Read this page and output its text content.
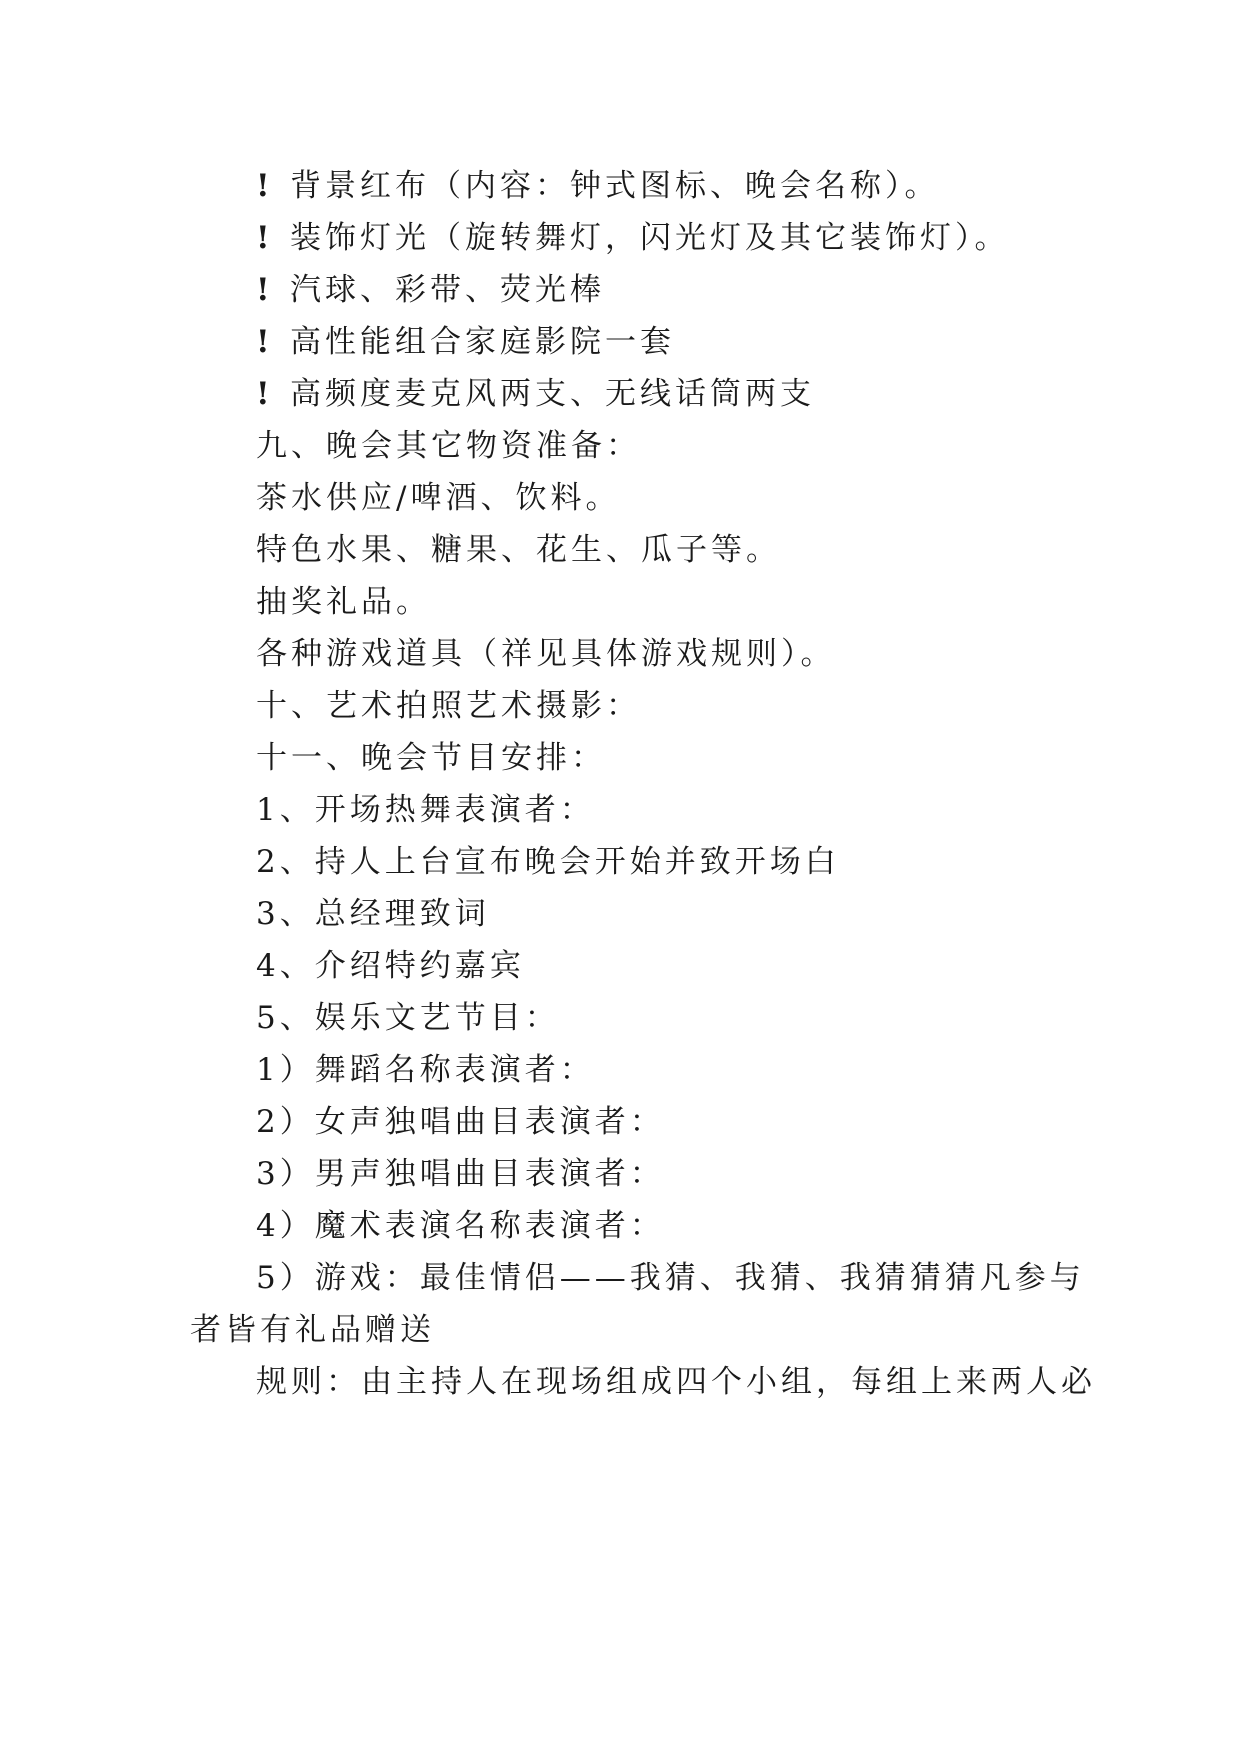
! 背景红布（内容：钟式图标、晚会名称）。
! 装饰灯光（旋转舞灯，闪光灯及其它装饰灯）。
! 汽球、彩带、荧光棒
! 高性能组合家庭影院一套
! 高频度麦克风两支、无线话筒两支
九、晚会其它物资准备：
茶水供应/啤酒、饮料。
特色水果、糖果、花生、瓜子等。
抽奖礼品。
各种游戏道具（祥见具体游戏规则）。
十、艺术拍照艺术摄影：
十一、晚会节目安排：
1、开场热舞表演者：
2、持人上台宣布晚会开始并致开场白
3、总经理致词
4、介绍特约嘉宾
5、娱乐文艺节目：
1）舞蹈名称表演者：
2）女声独唱曲目表演者：
3）男声独唱曲目表演者：
4）魔术表演名称表演者：
5）游戏：最佳情侣——我猜、我猜、我猜猜猜凡参与
者皆有礼品赠送
规则：由主持人在现场组成四个小组，每组上来两人必
